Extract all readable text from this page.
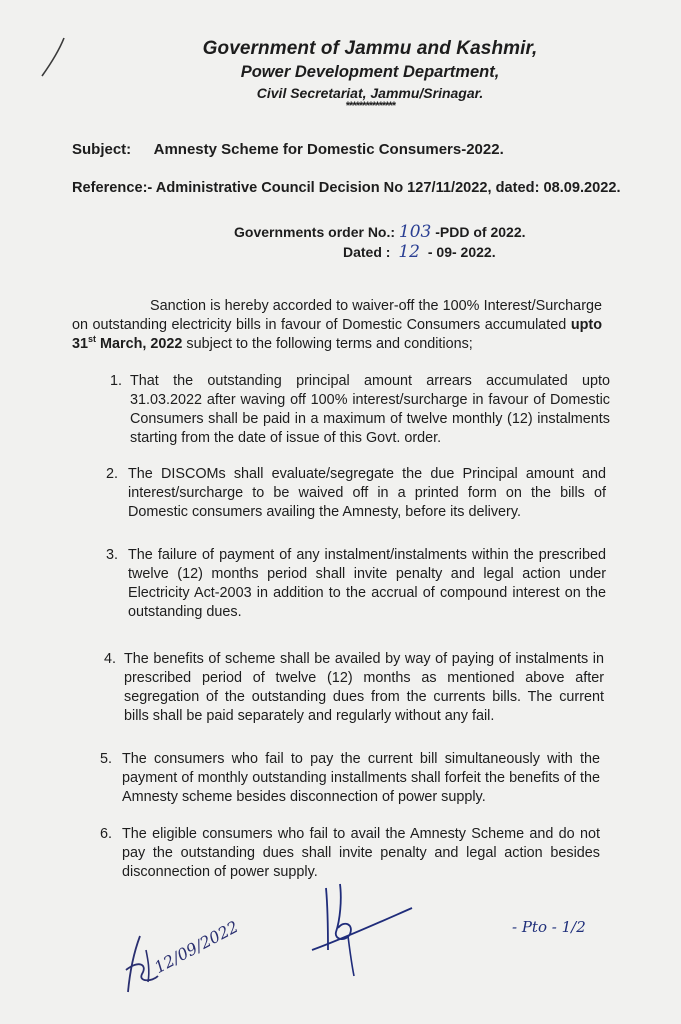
Government of Jammu and Kashmir,
Power Development Department,
Civil Secretariat, Jammu/Srinagar.
***************
Subject: Amnesty Scheme for Domestic Consumers-2022.
Reference:- Administrative Council Decision No 127/11/2022, dated: 08.09.2022.
Governments order No.: 103 -PDD of 2022.
Dated : 12 - 09- 2022.
Sanction is hereby accorded to waiver-off the 100% Interest/Surcharge on outstanding electricity bills in favour of Domestic Consumers accumulated upto 31st March, 2022 subject to the following terms and conditions;
1. That the outstanding principal amount arrears accumulated upto 31.03.2022 after waving off 100% interest/surcharge in favour of Domestic Consumers shall be paid in a maximum of twelve monthly (12) instalments starting from the date of issue of this Govt. order.
2. The DISCOMs shall evaluate/segregate the due Principal amount and interest/surcharge to be waived off in a printed form on the bills of Domestic consumers availing the Amnesty, before its delivery.
3. The failure of payment of any instalment/instalments within the prescribed twelve (12) months period shall invite penalty and legal action under Electricity Act-2003 in addition to the accrual of compound interest on the outstanding dues.
4. The benefits of scheme shall be availed by way of paying of instalments in prescribed period of twelve (12) months as mentioned above after segregation of the outstanding dues from the currents bills. The current bills shall be paid separately and regularly without any fail.
5. The consumers who fail to pay the current bill simultaneously with the payment of monthly outstanding installments shall forfeit the benefits of the Amnesty scheme besides disconnection of power supply.
6. The eligible consumers who fail to avail the Amnesty Scheme and do not pay the outstanding dues shall invite penalty and legal action besides disconnection of power supply.
- Pto - 1/2
12/09/2022
